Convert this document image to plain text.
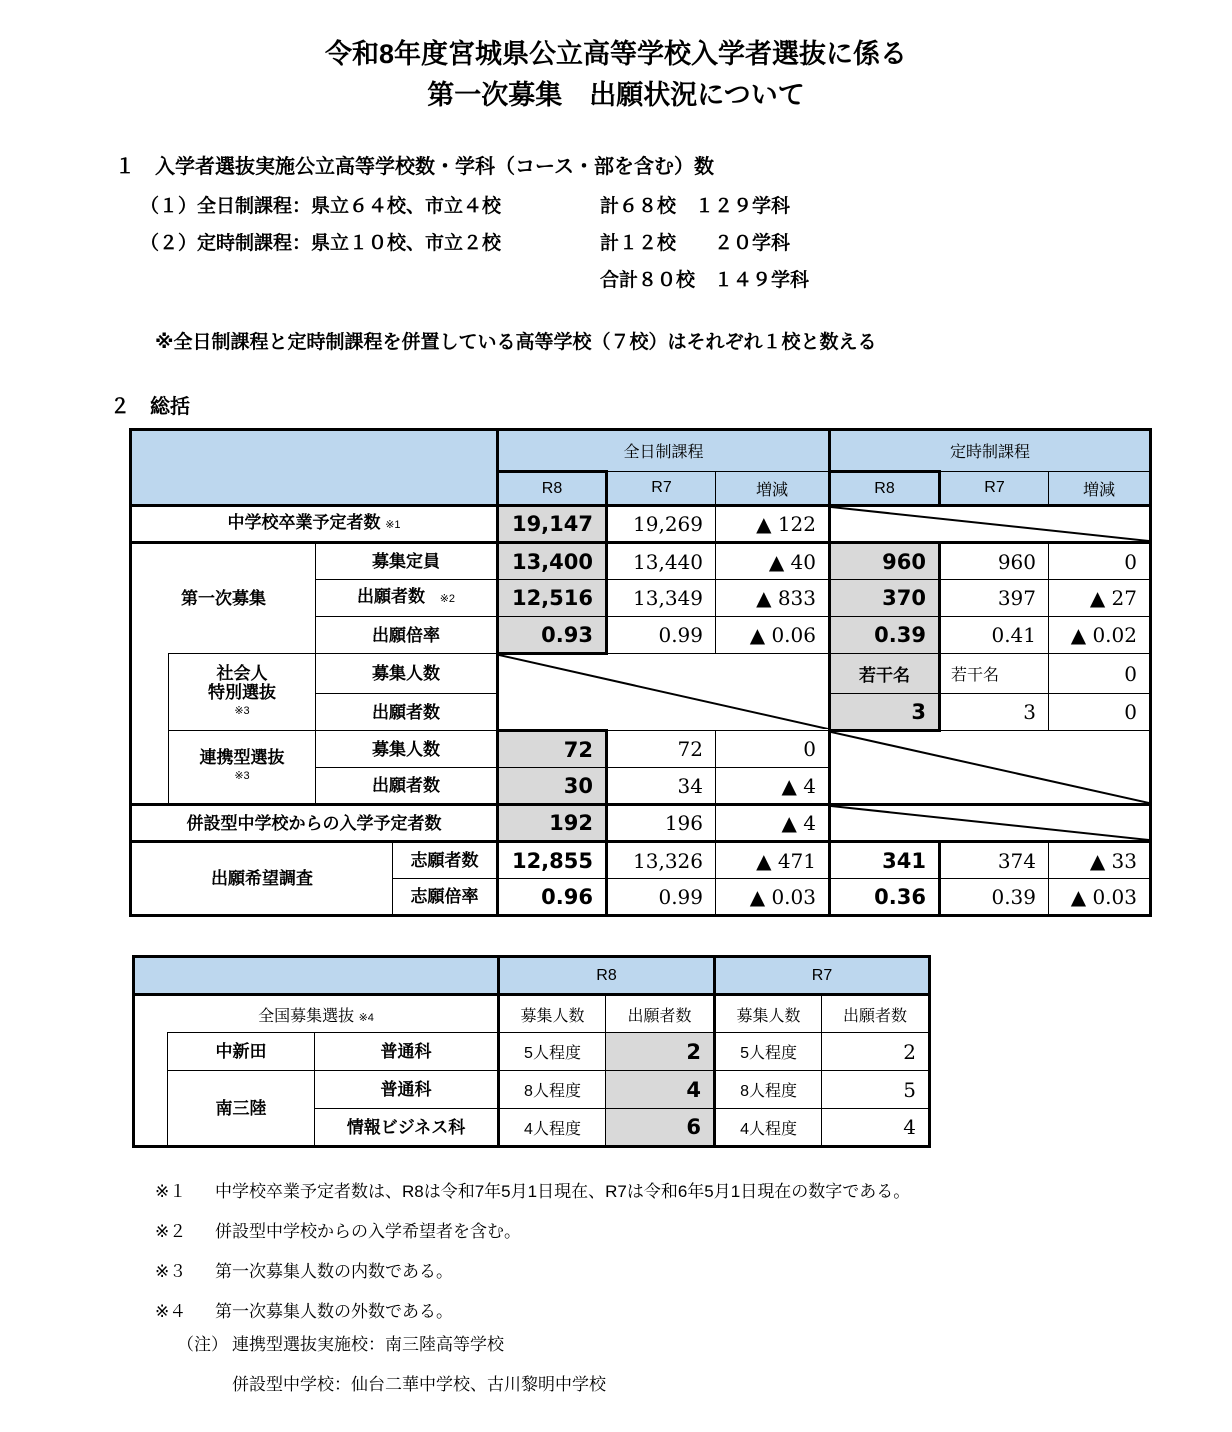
令和8年度宮城県公立高等学校入学者選抜に係る
第一次募集　出願状況について
１　入学者選抜実施公立高等学校数・学科（コース・部を含む）数
（１）全日制課程：県立６４校、市立４校	計６８校　１２９学科
（２）定時制課程：県立１０校、市立２校	計１２校　　２０学科
合計８０校　１４９学科
※全日制課程と定時制課程を併置している高等学校（７校）はそれぞれ１校と数える
２　総括
				全日制課程			定時制課程		
				R8	R7	増減	R8	R7	増減
中学校卒業予定者数 ※1				19,147	19,269	▲ 122	

第一次募集		募集定員		13,400	13,440	▲ 40	960	960	0
		出願者数 ※2		12,516	13,349	▲ 833	370	397	▲ 27
		出願倍率		0.93	0.99	▲ 0.06	0.39	0.41	▲ 0.02

	社会人
特別選抜
※3	募集人数					若干名	若干名	0
		出願者数					3	3	0

	連携型選抜
※3	募集人数		72	72	0	

		出願者数		30	34	▲ 4			
併設型中学校からの入学予定者数				192	196	▲ 4	

出願希望調査			志願者数	12,855	13,326	▲ 471	341	374	▲ 33
			志願倍率	0.96	0.99	▲ 0.03	0.36	0.39	▲ 0.03
			R8		R7	
全国募集選抜 ※4			募集人数	出願者数	募集人数	出願者数
	中新田	普通科	5人程度	2	5人程度	2
	南三陸	普通科	8人程度	4	8人程度	5
		情報ビジネス科	4人程度	6	4人程度	4
※１	中学校卒業予定者数は、R8は令和7年5月1日現在、R7は令和6年5月1日現在の数字である。
※２	併設型中学校からの入学希望者を含む。
※３	第一次募集人数の内数である。
※４	第一次募集人数の外数である。
（注） 連携型選抜実施校：南三陸高等学校
併設型中学校：仙台二華中学校、古川黎明中学校
